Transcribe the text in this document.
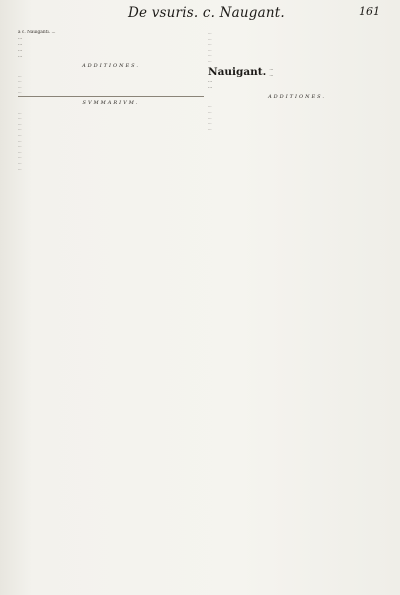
De vsuris. c. Naugant.	161

a c. Nauiganti. ...

...

...

...

...

ADDITIONES.

...

...

...

...

SVMMARIVM.

...

...

...

...

...

...

...

...

...

...

...

...

...

...

...

...

...

Nauigant. ...

...

...

...

ADDITIONES.

...

...

...

...

...
